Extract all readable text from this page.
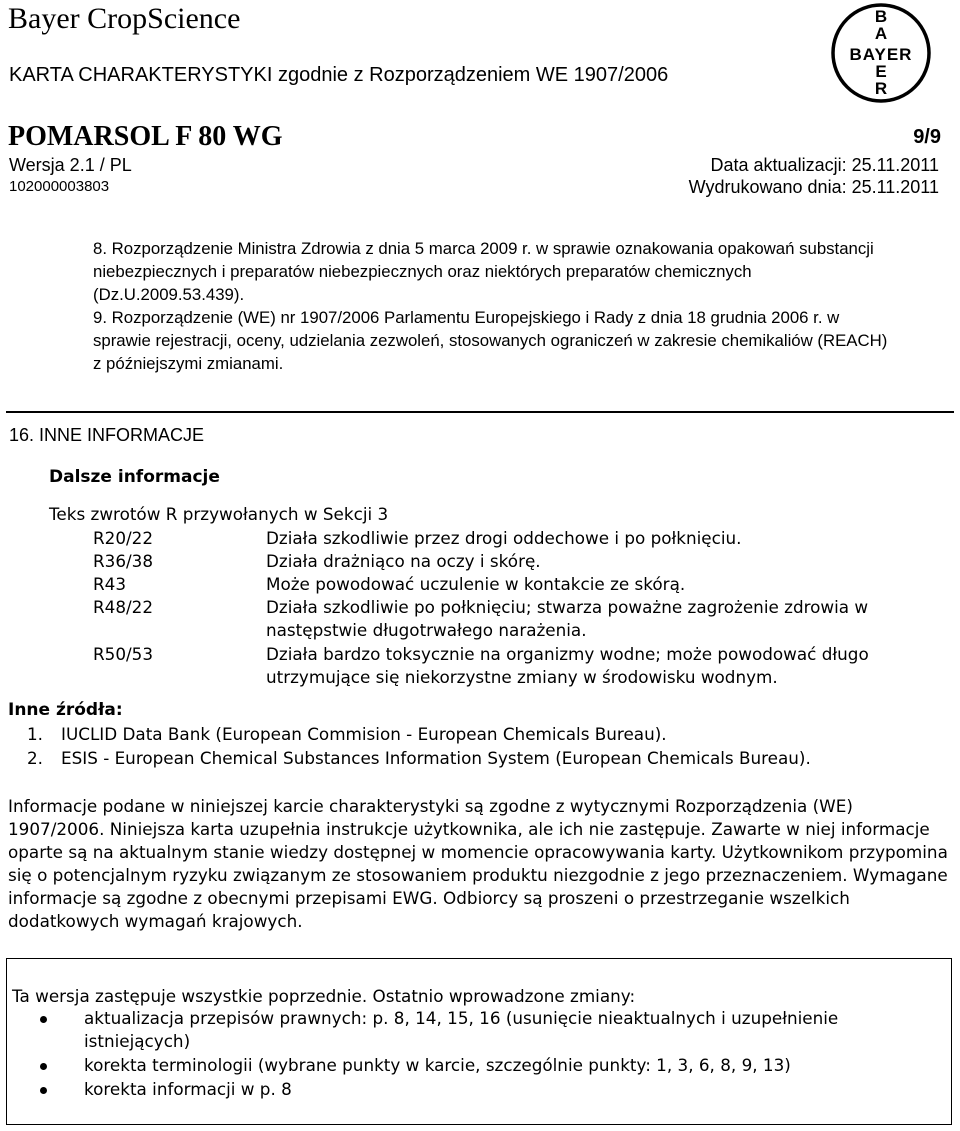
Bayer CropScience
KARTA CHARAKTERYSTYKI zgodnie z Rozporządzeniem WE 1907/2006
B
A
BAYER
E
R
POMARSOL F 80 WG	9/9
Wersja 2.1 / PL
102000003803
Data aktualizacji: 25.11.2011
Wydrukowano dnia: 25.11.2011

8. Rozporządzenie Ministra Zdrowia z dnia 5 marca 2009 r. w sprawie oznakowania opakowań substancji niebezpiecznych i preparatów niebezpiecznych oraz niektórych preparatów chemicznych (Dz.U.2009.53.439).

9. Rozporządzenie (WE) nr 1907/2006 Parlamentu Europejskiego i Rady z dnia 18 grudnia 2006 r. w sprawie rejestracji, oceny, udzielania zezwoleń, stosowanych ograniczeń w zakresie chemikaliów (REACH) z późniejszymi zmianami.

16. INNE INFORMACJE
Dalsze informacje
Teks zwrotów R przywołanych w Sekcji 3
R20/22	Działa szkodliwie przez drogi oddechowe i po połknięciu.
R36/38	Działa drażniąco na oczy i skórę.
R43	Może powodować uczulenie w kontakcie ze skórą.
R48/22	Działa szkodliwie po połknięciu; stwarza poważne zagrożenie zdrowia w następstwie długotrwałego narażenia.
R50/53	Działa bardzo toksycznie na organizmy wodne; może powodować długo utrzymujące się niekorzystne zmiany w środowisku wodnym.
Inne źródła:
1. IUCLID Data Bank (European Commision - European Chemicals Bureau).
2. ESIS - European Chemical Substances Information System (European Chemicals Bureau).
Informacje podane w niniejszej karcie charakterystyki są zgodne z wytycznymi Rozporządzenia (WE) 1907/2006. Niniejsza karta uzupełnia instrukcje użytkownika, ale ich nie zastępuje. Zawarte w niej informacje oparte są na aktualnym stanie wiedzy dostępnej w momencie opracowywania karty. Użytkownikom przypomina się o potencjalnym ryzyku związanym ze stosowaniem produktu niezgodnie z jego przeznaczeniem. Wymagane informacje są zgodne z obecnymi przepisami EWG. Odbiorcy są proszeni o przestrzeganie wszelkich dodatkowych wymagań krajowych.
Ta wersja zastępuje wszystkie poprzednie. Ostatnio wprowadzone zmiany:
aktualizacja przepisów prawnych: p. 8, 14, 15, 16 (usunięcie nieaktualnych i uzupełnienie istniejących)
korekta terminologii (wybrane punkty w karcie, szczególnie punkty: 1, 3, 6, 8, 9, 13)
korekta informacji w p. 8
